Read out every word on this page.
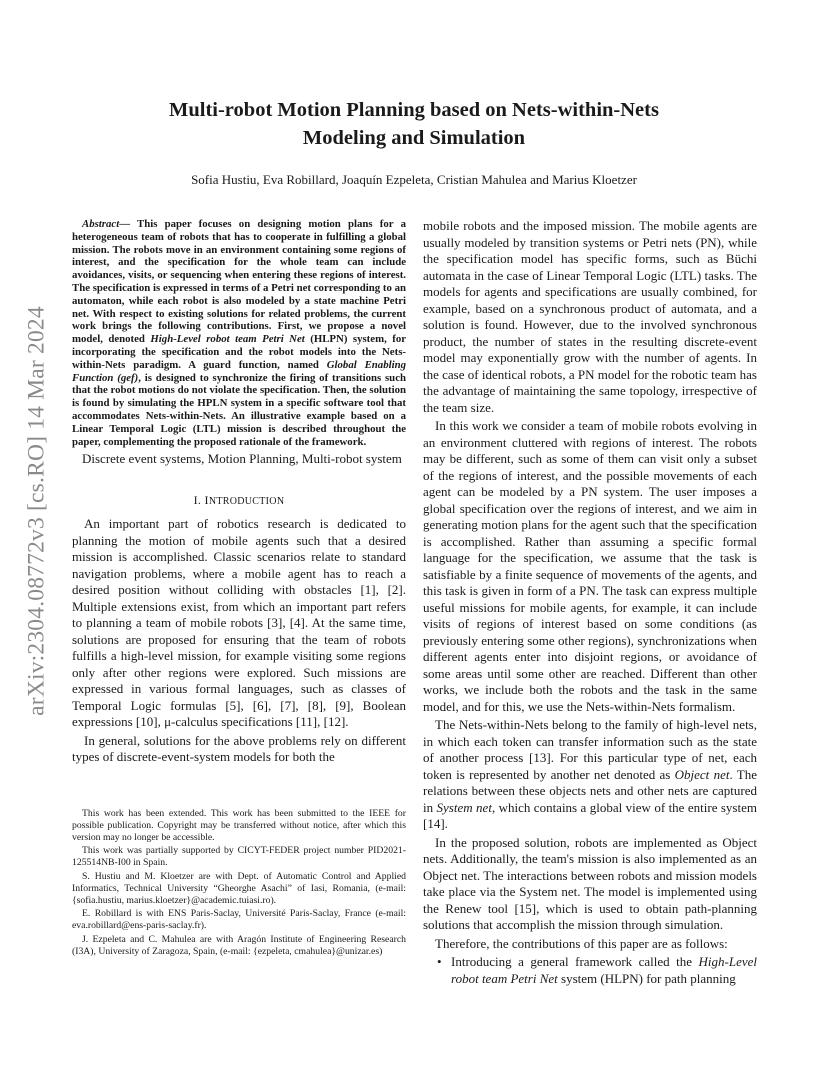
arXiv:2304.08772v3 [cs.RO] 14 Mar 2024
Multi-robot Motion Planning based on Nets-within-Nets
Modeling and Simulation
Sofia Hustiu, Eva Robillard, Joaquín Ezpeleta, Cristian Mahulea and Marius Kloetzer

Abstract— This paper focuses on designing motion plans for a heterogeneous team of robots that has to cooperate in fulfilling a global mission. The robots move in an environment containing some regions of interest, and the specification for the whole team can include avoidances, visits, or sequencing when entering these regions of interest. The specification is expressed in terms of a Petri net corresponding to an automaton, while each robot is also modeled by a state machine Petri net. With respect to existing solutions for related problems, the current work brings the following contributions. First, we propose a novel model, denoted High-Level robot team Petri Net (HLPN) system, for incorporating the specification and the robot models into the Nets-within-Nets paradigm. A guard function, named Global Enabling Function (gef), is designed to synchronize the firing of transitions such that the robot motions do not violate the specification. Then, the solution is found by simulating the HPLN system in a specific software tool that accommodates Nets-within-Nets. An illustrative example based on a Linear Temporal Logic (LTL) mission is described throughout the paper, complementing the proposed rationale of the framework.

Discrete event systems, Motion Planning, Multi-robot system

I. INTRODUCTION

An important part of robotics research is dedicated to planning the motion of mobile agents such that a desired mission is accomplished. Classic scenarios relate to standard navigation problems, where a mobile agent has to reach a desired position without colliding with obstacles [1], [2]. Multiple extensions exist, from which an important part refers to planning a team of mobile robots [3], [4]. At the same time, solutions are proposed for ensuring that the team of robots fulfills a high-level mission, for example visiting some regions only after other regions were explored. Such missions are expressed in various formal languages, such as classes of Temporal Logic formulas [5], [6], [7], [8], [9], Boolean expressions [10], μ-calculus specifications [11], [12].

In general, solutions for the above problems rely on different types of discrete-event-system models for both the

This work has been extended. This work has been submitted to the IEEE for possible publication. Copyright may be transferred without notice, after which this version may no longer be accessible.

This work was partially supported by CICYT-FEDER project number PID2021-125514NB-I00 in Spain.

S. Hustiu and M. Kloetzer are with Dept. of Automatic Control and Applied Informatics, Technical University “Gheorghe Asachi” of Iasi, Romania, (e-mail: {sofia.hustiu, marius.kloetzer}@academic.tuiasi.ro).

E. Robillard is with ENS Paris-Saclay, Université Paris-Saclay, France (e-mail: eva.robillard@ens-paris-saclay.fr).

J. Ezpeleta and C. Mahulea are with Aragón Institute of Engineering Research (I3A), University of Zaragoza, Spain, (e-mail: {ezpeleta, cmahulea}@unizar.es)

mobile robots and the imposed mission. The mobile agents are usually modeled by transition systems or Petri nets (PN), while the specification model has specific forms, such as Büchi automata in the case of Linear Temporal Logic (LTL) tasks. The models for agents and specifications are usually combined, for example, based on a synchronous product of automata, and a solution is found. However, due to the involved synchronous product, the number of states in the resulting discrete-event model may exponentially grow with the number of agents. In the case of identical robots, a PN model for the robotic team has the advantage of maintaining the same topology, irrespective of the team size.

In this work we consider a team of mobile robots evolving in an environment cluttered with regions of interest. The robots may be different, such as some of them can visit only a subset of the regions of interest, and the possible movements of each agent can be modeled by a PN system. The user imposes a global specification over the regions of interest, and we aim in generating motion plans for the agent such that the specification is accomplished. Rather than assuming a specific formal language for the specification, we assume that the task is satisfiable by a finite sequence of movements of the agents, and this task is given in form of a PN. The task can express multiple useful missions for mobile agents, for example, it can include visits of regions of interest based on some conditions (as previously entering some other regions), synchronizations when different agents enter into disjoint regions, or avoidance of some areas until some other are reached. Different than other works, we include both the robots and the task in the same model, and for this, we use the Nets-within-Nets formalism.

The Nets-within-Nets belong to the family of high-level nets, in which each token can transfer information such as the state of another process [13]. For this particular type of net, each token is represented by another net denoted as Object net. The relations between these objects nets and other nets are captured in System net, which contains a global view of the entire system [14].

In the proposed solution, robots are implemented as Object nets. Additionally, the team's mission is also implemented as an Object net. The interactions between robots and mission models take place via the System net. The model is implemented using the Renew tool [15], which is used to obtain path-planning solutions that accomplish the mission through simulation.

Therefore, the contributions of this paper are as follows:

• Introducing a general framework called the High-Level robot team Petri Net system (HLPN) for path planning
